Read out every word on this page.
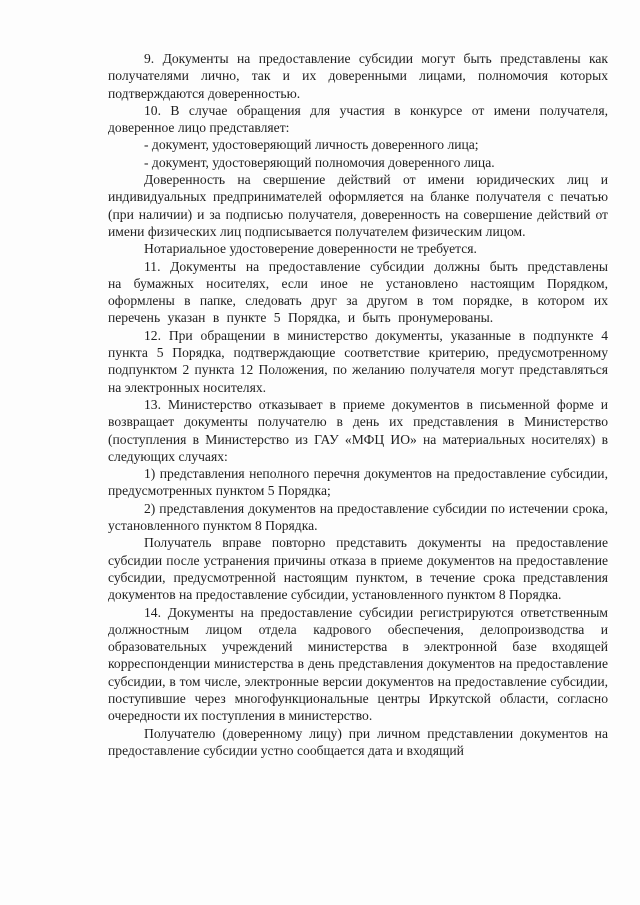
9. Документы на предоставление субсидии могут быть представлены как получателями лично, так и их доверенными лицами, полномочия которых подтверждаются доверенностью.

10. В случае обращения для участия в конкурсе от имени получателя, доверенное лицо представляет:

- документ, удостоверяющий личность доверенного лица;

- документ, удостоверяющий полномочия доверенного лица.

Доверенность на свершение действий от имени юридических лиц и индивидуальных предпринимателей оформляется на бланке получателя с печатью (при наличии) и за подписью получателя, доверенность на совершение действий от имени физических лиц подписывается получателем физическим лицом.

Нотариальное удостоверение доверенности не требуется.

11. Документы на предоставление субсидии должны быть представлены на бумажных носителях, если иное не установлено настоящим Порядком, оформлены в папке, следовать друг за другом в том порядке, в котором их перечень указан в пункте 5 Порядка, и быть пронумерованы.

12. При обращении в министерство документы, указанные в подпункте 4 пункта 5 Порядка, подтверждающие соответствие критерию, предусмотренному подпунктом 2 пункта 12 Положения, по желанию получателя могут представляться на электронных носителях.

13. Министерство отказывает в приеме документов в письменной форме и возвращает документы получателю в день их представления в Министерство (поступления в Министерство из ГАУ «МФЦ ИО» на материальных носителях) в следующих случаях:

1) представления неполного перечня документов на предоставление субсидии, предусмотренных пунктом 5 Порядка;

2) представления документов на предоставление субсидии по истечении срока, установленного пунктом 8 Порядка.

Получатель вправе повторно представить документы на предоставление субсидии после устранения причины отказа в приеме документов на предоставление субсидии, предусмотренной настоящим пунктом, в течение срока представления документов на предоставление субсидии, установленного пунктом 8 Порядка.

14. Документы на предоставление субсидии регистрируются ответственным должностным лицом отдела кадрового обеспечения, делопроизводства и образовательных учреждений министерства в электронной базе входящей корреспонденции министерства в день представления документов на предоставление субсидии, в том числе, электронные версии документов на предоставление субсидии, поступившие через многофункциональные центры Иркутской области, согласно очередности их поступления в министерство.

Получателю (доверенному лицу) при личном представлении документов на предоставление субсидии устно сообщается дата и входящий
